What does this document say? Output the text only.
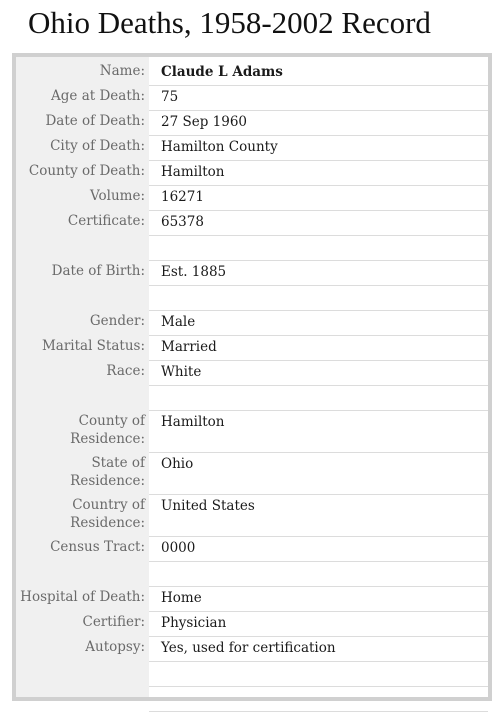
Ohio Deaths, 1958-2002 Record
Name:	Claude L Adams
Age at Death:	75
Date of Death:	27 Sep 1960
City of Death:	Hamilton County
County of Death:	Hamilton
Volume:	16271
Certificate:	65378
Date of Birth:	Est. 1885
Gender:	Male
Marital Status:	Married
Race:	White
County of Residence:
Hamilton
State of Residence:
Ohio
Country of Residence:
United States
Census Tract:	0000
Hospital of Death:	Home
Certifier:	Physician
Autopsy:	Yes, used for certification
